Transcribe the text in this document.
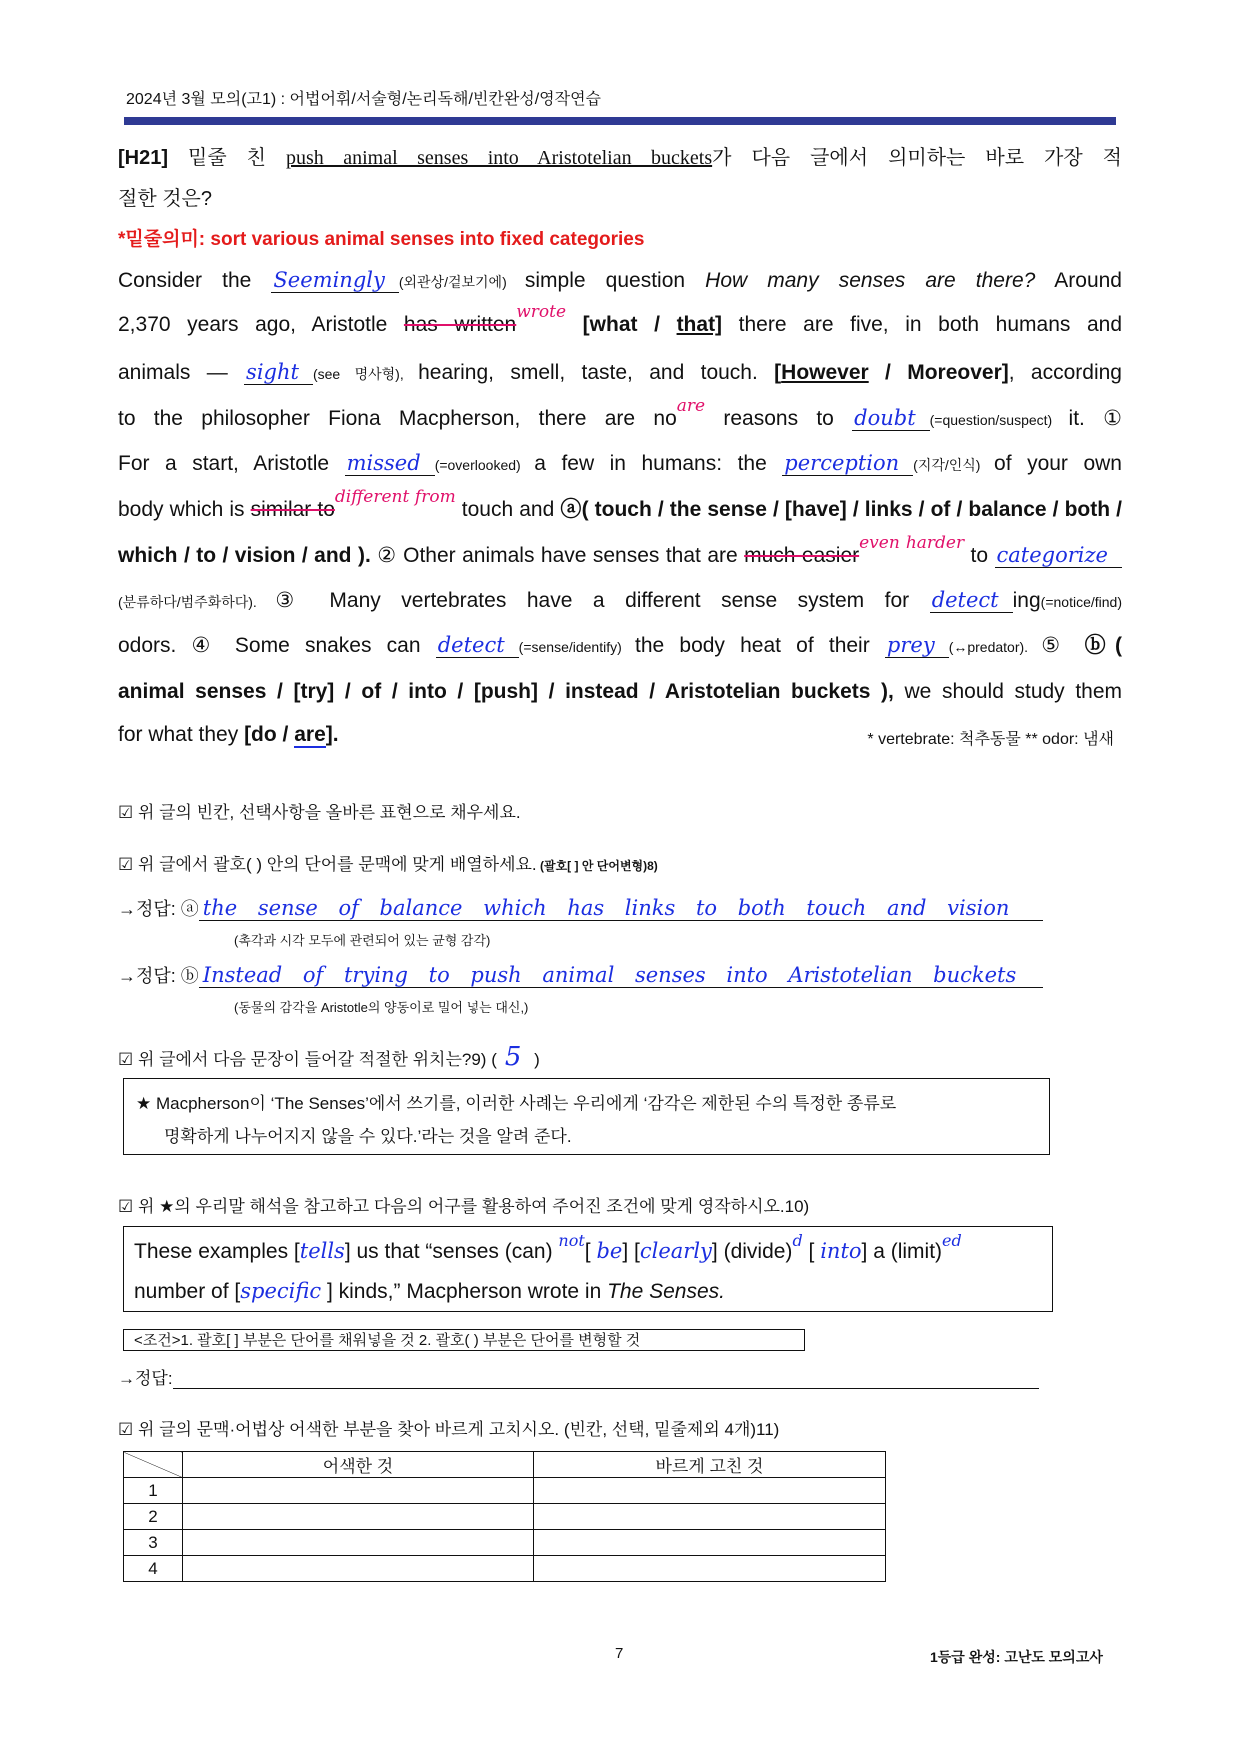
2024년 3월 모의(고1) : 어법어휘/서술형/논리독해/빈칸완성/영작연습
[H21] 밑줄 친 push animal senses into Aristotelian buckets가 다음 글에서 의미하는 바로 가장 적
절한 것은?
*밑줄의미: sort various animal senses into fixed categories
Consider the Seemingly (외관상/겉보기에) simple question How many senses are there? Around
2,370 years ago, Aristotle has written$^{wrote}$ [what / that] there are five, in both humans and
animals — sight (see 명사형), hearing, smell, taste, and touch. [However / Moreover], according
to the philosopher Fiona Macpherson, there are $no^{are}$ reasons to doubt (=question/suspect) it. ①
For a start, Aristotle missed (=overlooked) a few in humans: the perception (지각/인식) of your own
body which is similar $to^{different from}$ touch and ⓐ( touch / the sense / [have] / links / of / balance / both /
which / to / vision / and ). ② Other animals have senses that are much easier$^{even harder}$ to categorize
(분류하다/범주화하다). ③ Many vertebrates have a different sense system for detect ing(=notice/find)
odors. ④ Some snakes can detect (=sense/identify) the body heat of their prey (↔predator). ⑤ ⓑ(
animal senses / [try] / of / into / [push] / instead / Aristotelian buckets ), we should study them
for what they [do / are].	* vertebrate: 척추동물 ** odor: 냄새
☑ 위 글의 빈칸, 선택사항을 올바른 표현으로 채우세요.
☑ 위 글에서 괄호( ) 안의 단어를 문맥에 맞게 배열하세요. (괄호[ ] 안 단어변형)8)
→정답: ⓐ the sense of balance which has links to both touch and vision
(촉각과 시각 모두에 관련되어 있는 균형 감각)
→정답: ⓑ Instead of trying to push animal senses into Aristotelian buckets
(동물의 감각을 Aristotle의 양동이로 밀어 넣는 대신,)
☑ 위 글에서 다음 문장이 들어갈 적절한 위치는?9) ( 5 )
★ Macpherson이 ‘The Senses’에서 쓰기를, 이러한 사례는 우리에게 ‘감각은 제한된 수의 특정한 종류로
명확하게 나누어지지 않을 수 있다.’라는 것을 알려 준다.
☑ 위 ★의 우리말 해석을 참고하고 다음의 어구를 활용하여 주어진 조건에 맞게 영작하시오.10)
These examples [tells] us that “senses (can) $^{not}$[ be] [clearly] (divide)$^d$ [ into] a (limit)$^{ed}$
number of [specific ] kinds,” Macpherson wrote in The Senses.
<조건>1. 괄호[ ] 부분은 단어를 채워넣을 것 2. 괄호( ) 부분은 단어를 변형할 것
→정답:
☑ 위 글의 문맥·어법상 어색한 부분을 찾아 바르게 고치시오. (빈칸, 선택, 밑줄제외 4개)11)
	어색한 것	바르게 고친 것
1		
2		
3		
4		
7	1등급 완성: 고난도 모의고사
